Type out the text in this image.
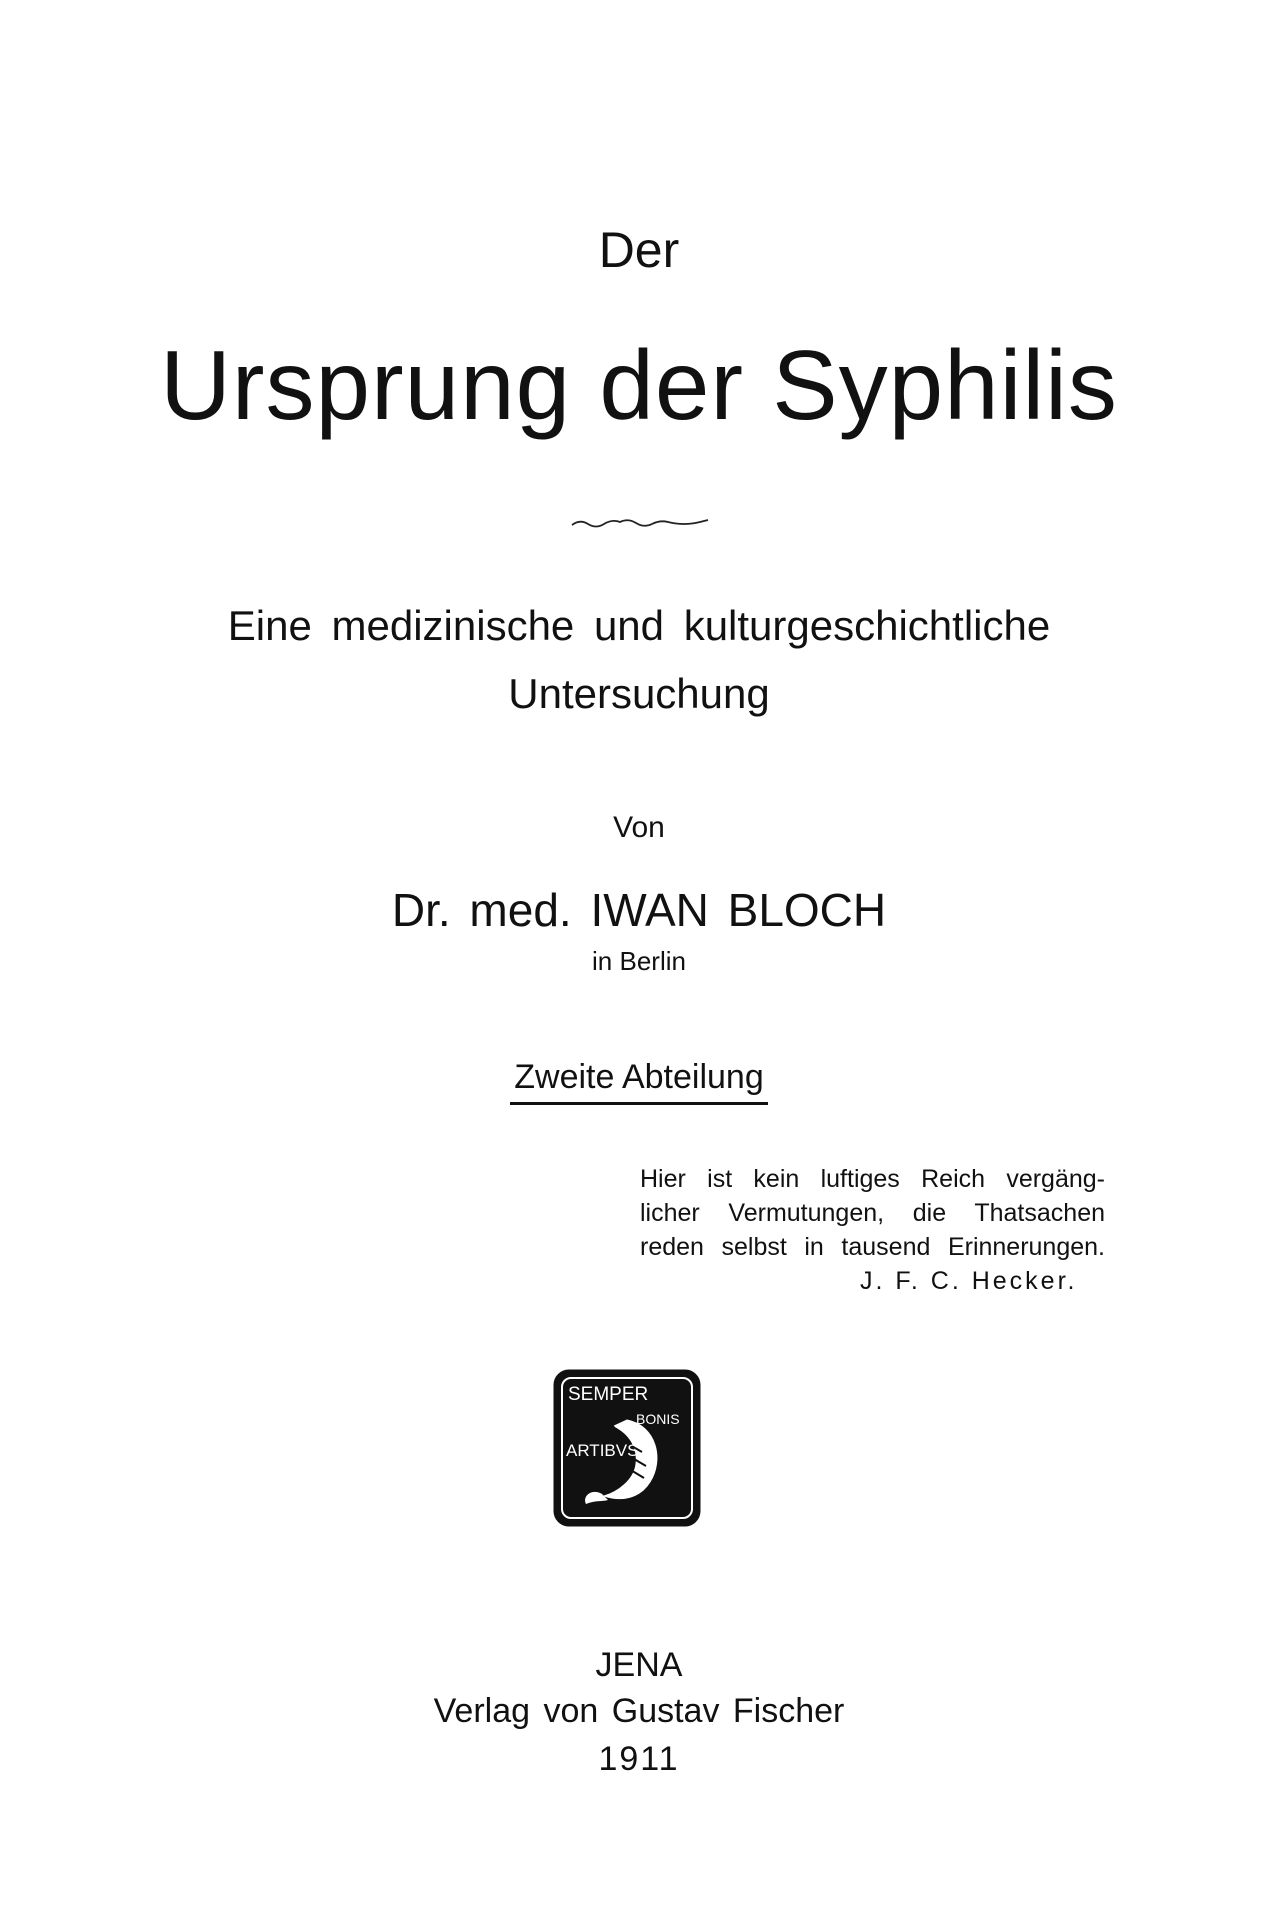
Der
Ursprung der Syphilis
Eine medizinische und kulturgeschichtliche
Untersuchung
Von
Dr. med. IWAN BLOCH
in Berlin
Zweite Abteilung
Hier ist kein luftiges Reich vergäng-
licher Vermutungen, die Thatsachen
reden selbst in tausend Erinnerungen.
J. F. C. Hecker.
SEMPER
BONIS
ARTIBVS
JENA
Verlag von Gustav Fischer
1911
